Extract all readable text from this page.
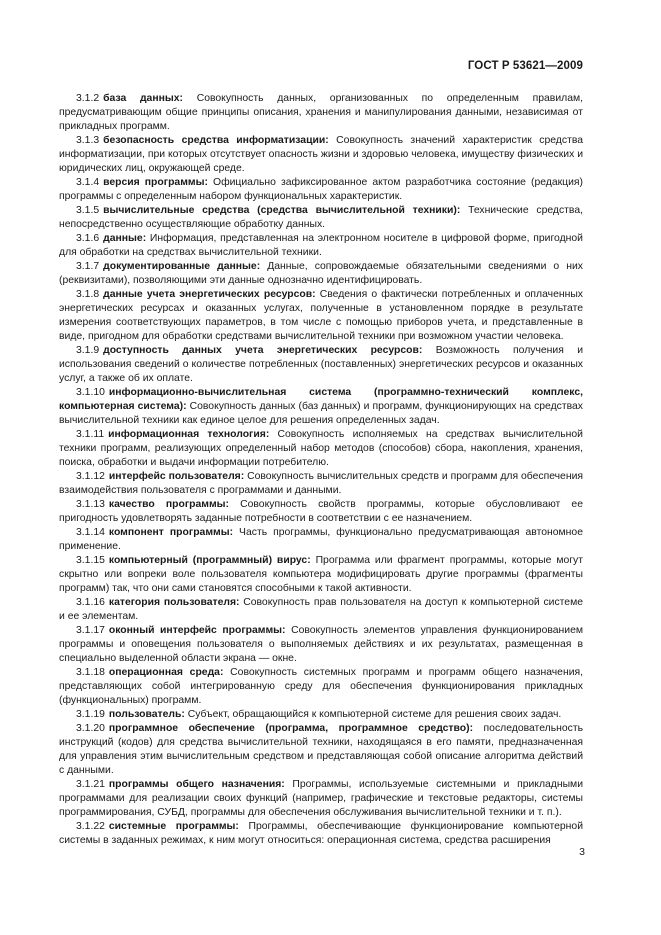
ГОСТ Р 53621—2009

3.1.2 база данных: Совокупность данных, организованных по определенным правилам, предусматривающим общие принципы описания, хранения и манипулирования данными, независимая от прикладных программ.

3.1.3 безопасность средства информатизации: Совокупность значений характеристик средства информатизации, при которых отсутствует опасность жизни и здоровью человека, имуществу физических и юридических лиц, окружающей среде.

3.1.4 версия программы: Официально зафиксированное актом разработчика состояние (редакция) программы с определенным набором функциональных характеристик.

3.1.5 вычислительные средства (средства вычислительной техники): Технические средства, непосредственно осуществляющие обработку данных.

3.1.6 данные: Информация, представленная на электронном носителе в цифровой форме, пригодной для обработки на средствах вычислительной техники.

3.1.7 документированные данные: Данные, сопровождаемые обязательными сведениями о них (реквизитами), позволяющими эти данные однозначно идентифицировать.

3.1.8 данные учета энергетических ресурсов: Сведения о фактически потребленных и оплаченных энергетических ресурсах и оказанных услугах, полученные в установленном порядке в результате измерения соответствующих параметров, в том числе с помощью приборов учета, и представленные в виде, пригодном для обработки средствами вычислительной техники при возможном участии человека.

3.1.9 доступность данных учета энергетических ресурсов: Возможность получения и использования сведений о количестве потребленных (поставленных) энергетических ресурсов и оказанных услуг, а также об их оплате.

3.1.10 информационно-вычислительная система (программно-технический комплекс, компьютерная система): Совокупность данных (баз данных) и программ, функционирующих на средствах вычислительной техники как единое целое для решения определенных задач.

3.1.11 информационная технология: Совокупность исполняемых на средствах вычислительной техники программ, реализующих определенный набор методов (способов) сбора, накопления, хранения, поиска, обработки и выдачи информации потребителю.

3.1.12 интерфейс пользователя: Совокупность вычислительных средств и программ для обеспечения взаимодействия пользователя с программами и данными.

3.1.13 качество программы: Совокупность свойств программы, которые обусловливают ее пригодность удовлетворять заданные потребности в соответствии с ее назначением.

3.1.14 компонент программы: Часть программы, функционально предусматривающая автономное применение.

3.1.15 компьютерный (программный) вирус: Программа или фрагмент программы, которые могут скрытно или вопреки воле пользователя компьютера модифицировать другие программы (фрагменты программ) так, что они сами становятся способными к такой активности.

3.1.16 категория пользователя: Совокупность прав пользователя на доступ к компьютерной системе и ее элементам.

3.1.17 оконный интерфейс программы: Совокупность элементов управления функционированием программы и оповещения пользователя о выполняемых действиях и их результатах, размещенная в специально выделенной области экрана — окне.

3.1.18 операционная среда: Совокупность системных программ и программ общего назначения, представляющих собой интегрированную среду для обеспечения функционирования прикладных (функциональных) программ.

3.1.19 пользователь: Субъект, обращающийся к компьютерной системе для решения своих задач.

3.1.20 программное обеспечение (программа, программное средство): последовательность инструкций (кодов) для средства вычислительной техники, находящаяся в его памяти, предназначенная для управления этим вычислительным средством и представляющая собой описание алгоритма действий с данными.

3.1.21 программы общего назначения: Программы, используемые системными и прикладными программами для реализации своих функций (например, графические и текстовые редакторы, системы программирования, СУБД, программы для обеспечения обслуживания вычислительной техники и т. п.).

3.1.22 системные программы: Программы, обеспечивающие функционирование компьютерной системы в заданных режимах, к ним могут относиться: операционная система, средства расширения

3
